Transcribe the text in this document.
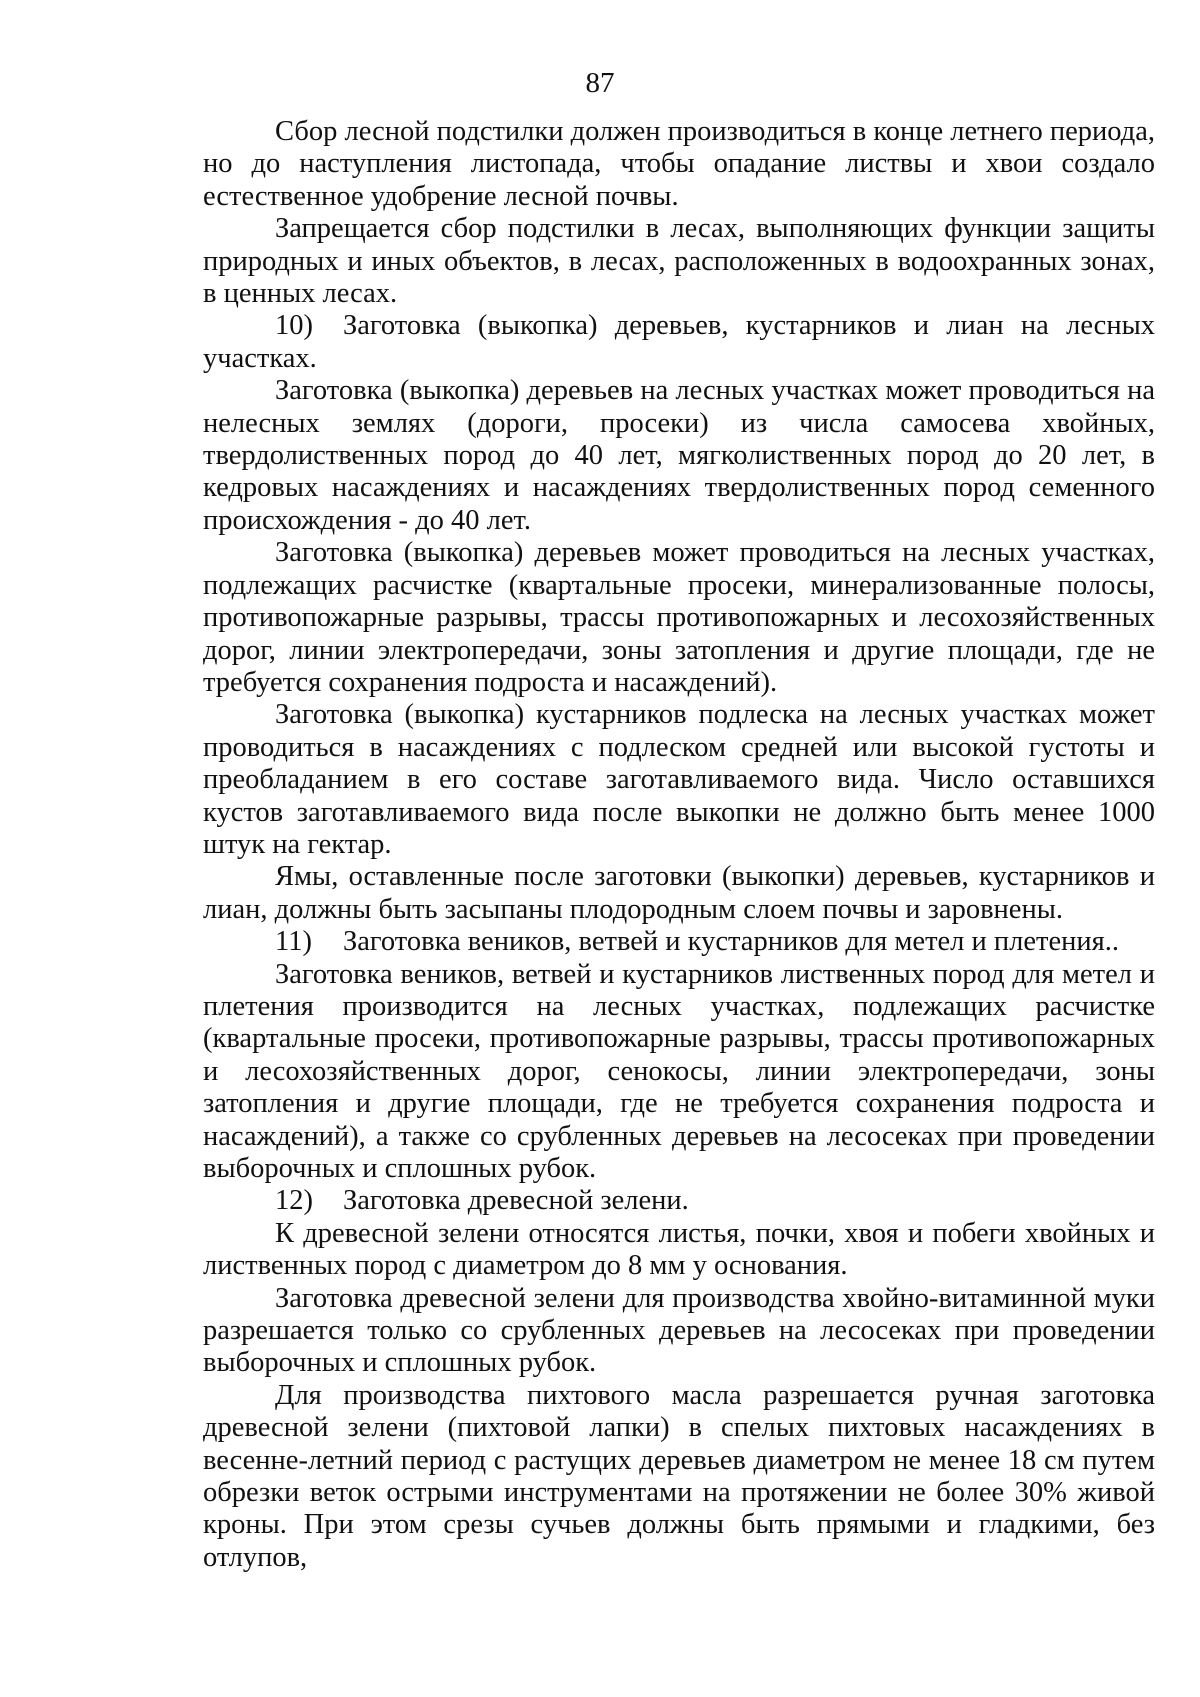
87

Сбор лесной подстилки должен производиться в конце летнего периода, но до наступления листопада, чтобы опадание листвы и хвои создало естественное удобрение лесной почвы.

Запрещается сбор подстилки в лесах, выполняющих функции защиты природных и иных объектов, в лесах, расположенных в водоохранных зонах, в ценных лесах.

10) Заготовка (выкопка) деревьев, кустарников и лиан на лесных участках.

Заготовка (выкопка) деревьев на лесных участках может проводиться на нелесных землях (дороги, просеки) из числа самосева хвойных, твердолиственных пород до 40 лет, мягколиственных пород до 20 лет, в кедровых насаждениях и насаждениях твердолиственных пород семенного происхождения - до 40 лет.

Заготовка (выкопка) деревьев может проводиться на лесных участках, подлежащих расчистке (квартальные просеки, минерализованные полосы, противопожарные разрывы, трассы противопожарных и лесохозяйственных дорог, линии электропередачи, зоны затопления и другие площади, где не требуется сохранения подроста и насаждений).

Заготовка (выкопка) кустарников подлеска на лесных участках может проводиться в насаждениях с подлеском средней или высокой густоты и преобладанием в его составе заготавливаемого вида. Число оставшихся кустов заготавливаемого вида после выкопки не должно быть менее 1000 штук на гектар.

Ямы, оставленные после заготовки (выкопки) деревьев, кустарников и лиан, должны быть засыпаны плодородным слоем почвы и заровнены.

11) Заготовка веников, ветвей и кустарников для метел и плетения..

Заготовка веников, ветвей и кустарников лиственных пород для метел и плетения производится на лесных участках, подлежащих расчистке (квартальные просеки, противопожарные разрывы, трассы противопожарных и лесохозяйственных дорог, сенокосы, линии электропередачи, зоны затопления и другие площади, где не требуется сохранения подроста и насаждений), а также со срубленных деревьев на лесосеках при проведении выборочных и сплошных рубок.

12) Заготовка древесной зелени.

К древесной зелени относятся листья, почки, хвоя и побеги хвойных и лиственных пород с диаметром до 8 мм у основания.

Заготовка древесной зелени для производства хвойно-витаминной муки разрешается только со срубленных деревьев на лесосеках при проведении выборочных и сплошных рубок.

Для производства пихтового масла разрешается ручная заготовка древесной зелени (пихтовой лапки) в спелых пихтовых насаждениях в весенне-летний период с растущих деревьев диаметром не менее 18 см путем обрезки веток острыми инструментами на протяжении не более 30% живой кроны. При этом срезы сучьев должны быть прямыми и гладкими, без отлупов,
